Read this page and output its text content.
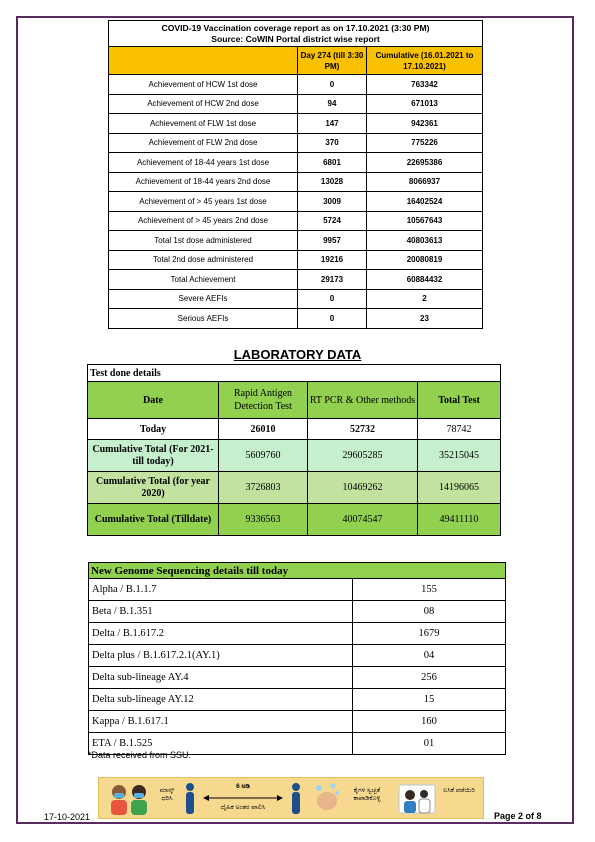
COVID-19 Vaccination coverage report as on 17.10.2021 (3:30 PM)
Source: CoWIN Portal district wise report		

	Day 274 (till 3:30 PM)	Cumulative (16.01.2021 to 17.10.2021)
Achievement of HCW 1st dose	0	763342
Achievement of HCW 2nd dose	94	671013
Achievement of FLW 1st dose	147	942361
Achievement of FLW 2nd dose	370	775226
Achievement of 18-44 years 1st dose	6801	22695386
Achievement of 18-44 years 2nd dose	13028	8066937
Achievement of > 45 years 1st dose	3009	16402524
Achievement of > 45 years 2nd dose	5724	10567643
Total 1st dose administered	9957	40803613
Total 2nd dose administered	19216	20080819
Total Achievement	29173	60884432
Severe AEFIs	0	2
Serious AEFIs	0	23
LABORATORY DATA
Test done details			
Date	Rapid Antigen Detection Test	RT PCR & Other methods	Total Test
Today	26010	52732	78742
Cumulative Total (For 2021- till today)	5609760	29605285	35215045
Cumulative Total (for year 2020)	3726803	10469262	14196065
Cumulative Total (Tilldate)	9336563	40074547	49411110
New Genome Sequencing details till today	
Alpha / B.1.1.7	155
Beta / B.1.351	08
Delta / B.1.617.2	1679
Delta plus / B.1.617.2.1(AY.1)	04
Delta sub-lineage AY.4	256
Delta sub-lineage AY.12	15
Kappa / B.1.617.1	160
ETA / B.1.525	01
*Data received from SSU.
ಮಾಸ್ಕ್ ಧರಿಸಿ
6 ಅಡಿ
ದೈಹಿಕ ಅಂತರ ಪಾಲಿಸಿ
ಕೈಗಳ ಸ್ವಚ್ಛತೆ ಕಾಪಾಡಿಕೊಳ್ಳಿ
ಲಸಿಕೆ ಪಡೆಯಿರಿ
17-10-2021	Page 2 of 8
